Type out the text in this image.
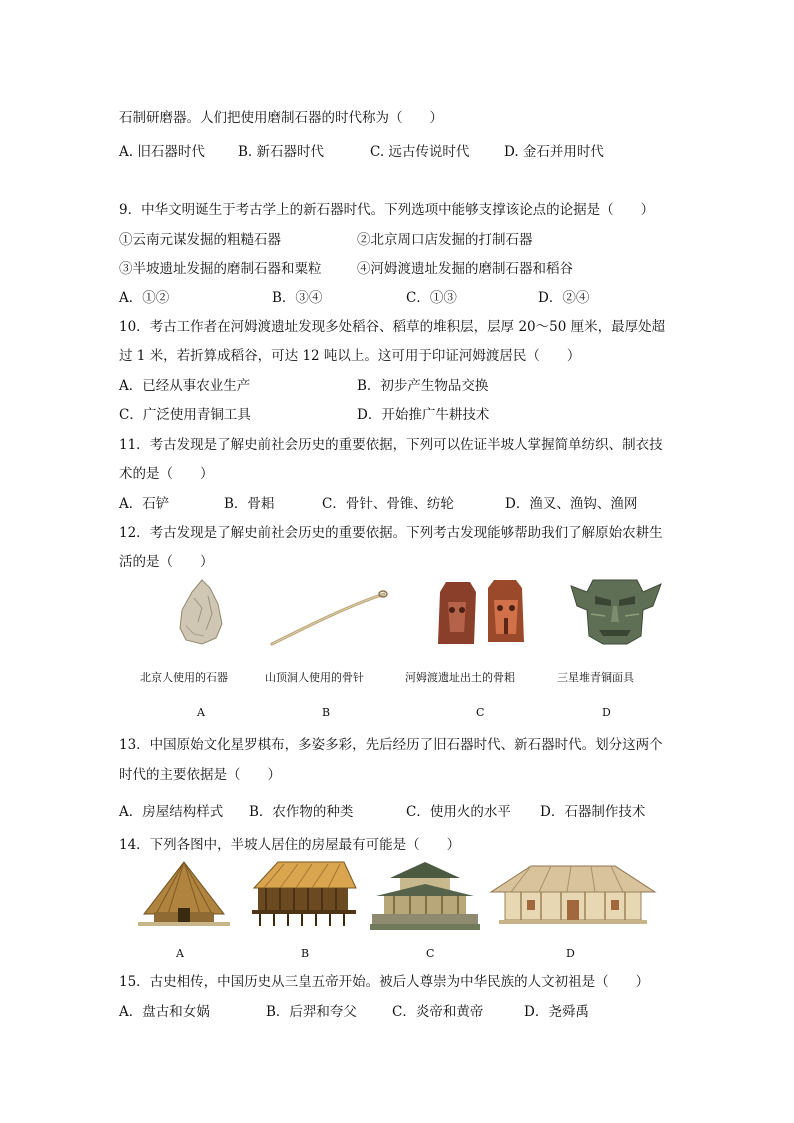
石制研磨器。人们把使用磨制石器的时代称为（　　）
A. 旧石器时代 B. 新石器时代	C. 远古传说时代	D. 金石并用时代
9．中华文明诞生于考古学上的新石器时代。下列选项中能够支撑该论点的论据是（　　）
①云南元谋发掘的粗糙石器	②北京周口店发掘的打制石器
③半坡遗址发掘的磨制石器和粟粒	④河姆渡遗址发掘的磨制石器和稻谷
A．①②	B．③④	C．①③	D．②④
10．考古工作者在河姆渡遗址发现多处稻谷、稻草的堆积层，层厚 20～50 厘米，最厚处超
过 1 米，若折算成稻谷，可达 12 吨以上。这可用于印证河姆渡居民（　　）
A．已经从事农业生产	B．初步产生物品交换
C．广泛使用青铜工具	D．开始推广牛耕技术
11．考古发现是了解史前社会历史的重要依据，下列可以佐证半坡人掌握简单纺织、制衣技
术的是（　　）
A．石铲	B．骨耜	C．骨针、骨锥、纺轮	D．渔叉、渔钩、渔网
12．考古发现是了解史前社会历史的重要依据。下列考古发现能够帮助我们了解原始农耕生
活的是（　　）
北京人使用的石器	山顶洞人使用的骨针	河姆渡遗址出土的骨耜	三星堆青铜面具
A	B	C	D
13．中国原始文化星罗棋布，多姿多彩，先后经历了旧石器时代、新石器时代。划分这两个
时代的主要依据是（　　）
A．房屋结构样式 B．农作物的种类	C．使用火的水平 D．石器制作技术
14．下列各图中，半坡人居住的房屋最有可能是（　　）
A	B	C	D
15．古史相传，中国历史从三皇五帝开始。被后人尊崇为中华民族的人文初祖是（　　）
A．盘古和女娲	B．后羿和夸父	C．炎帝和黄帝	D．尧舜禹
